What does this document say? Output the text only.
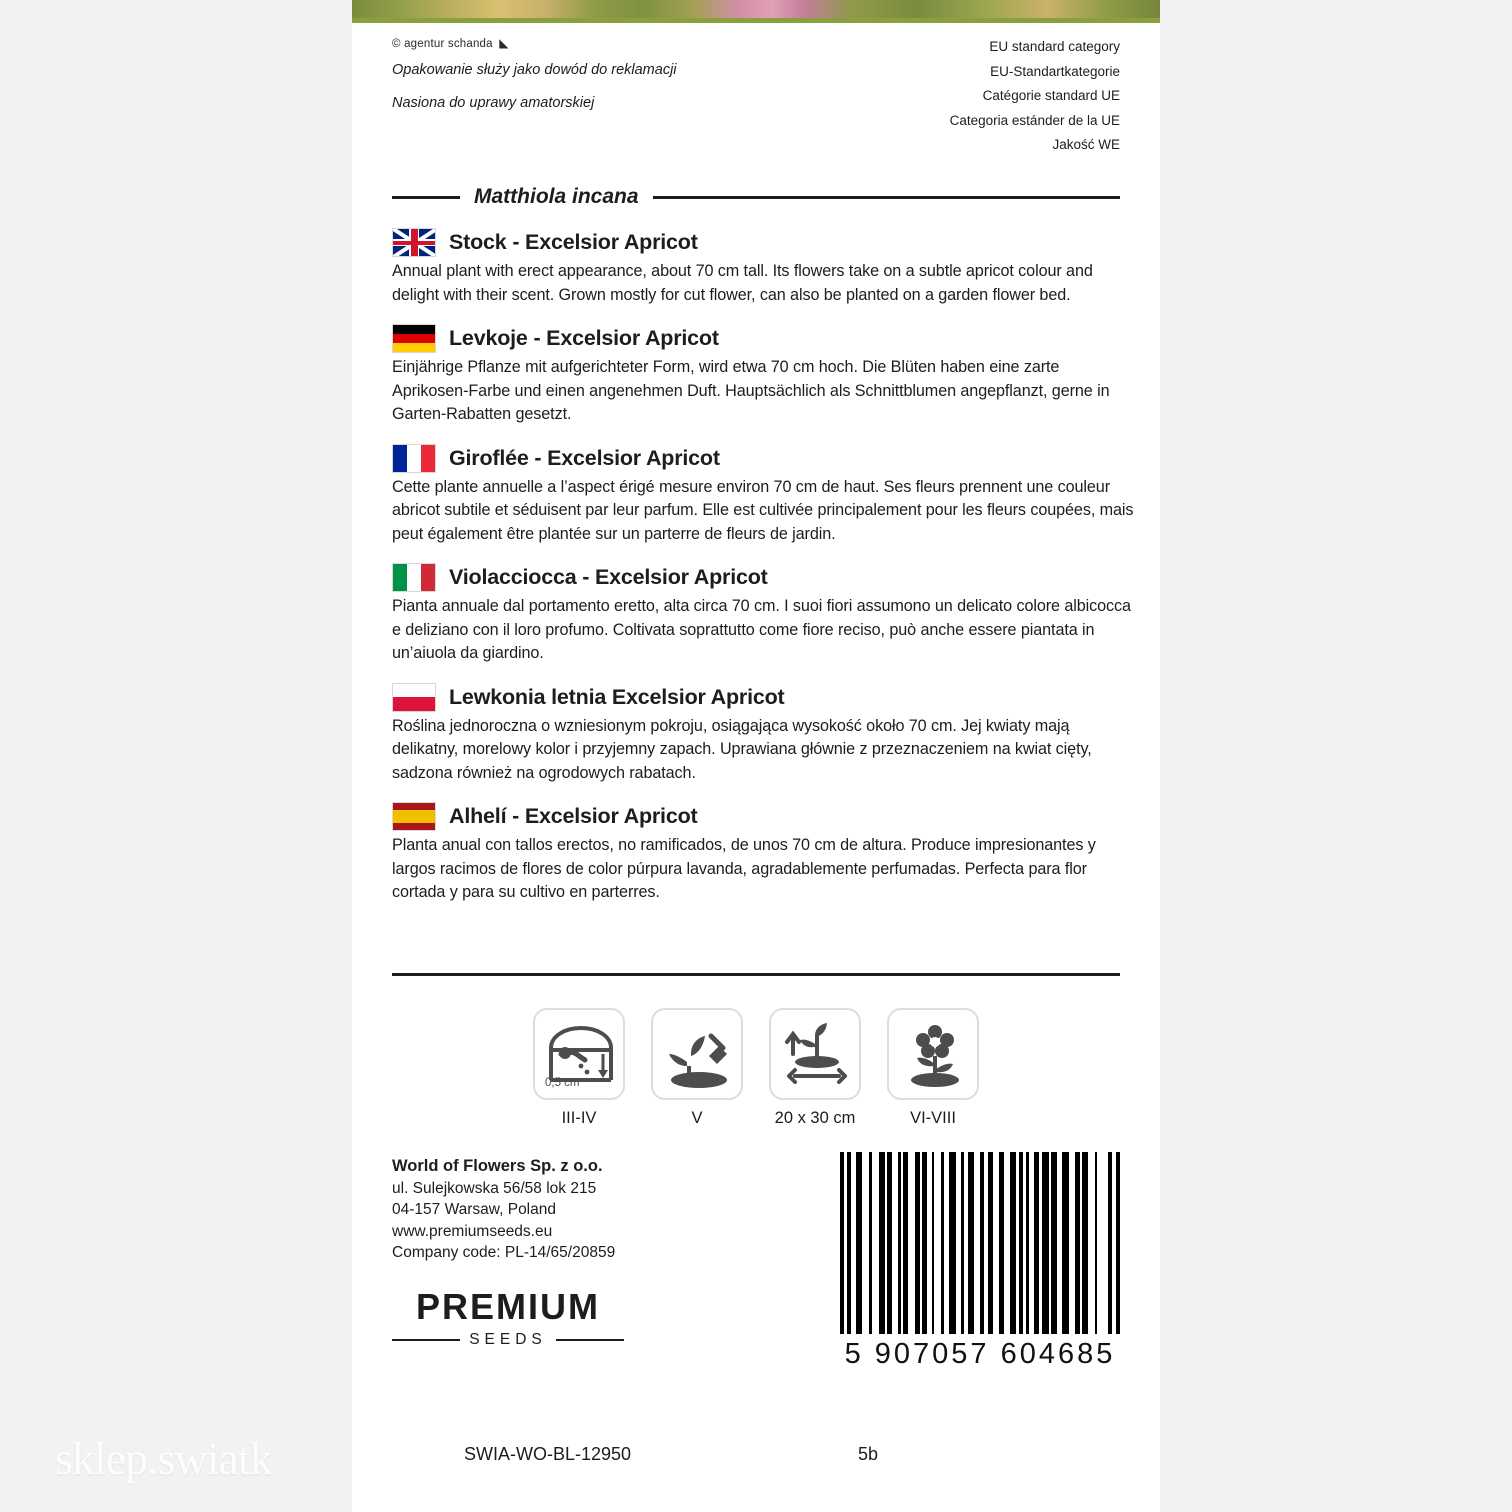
© agentur schanda ◢
Opakowanie służy jako dowód do reklamacji
Nasiona do uprawy amatorskiej
EU standard category
EU-Standartkategorie
Catégorie standard UE
Categoria estánder de la UE
Jakość WE
Matthiola incana
Stock - Excelsior Apricot
Annual plant with erect appearance, about 70 cm tall. Its flowers take on a subtle apricot colour and delight with their scent. Grown mostly for cut flower, can also be planted on a garden flower bed.
Levkoje - Excelsior Apricot
Einjährige Pflanze mit aufgerichteter Form, wird etwa 70 cm hoch. Die Blüten haben eine zarte Aprikosen-Farbe und einen angenehmen Duft. Hauptsächlich als Schnittblumen angepflanzt, gerne in Garten-Rabatten gesetzt.
Giroflée - Excelsior Apricot
Cette plante annuelle a l’aspect érigé mesure environ 70 cm de haut. Ses fleurs prennent une couleur abricot subtile et séduisent par leur parfum. Elle est cultivée principalement pour les fleurs coupées, mais peut également être plantée sur un parterre de fleurs de jardin.
Violacciocca - Excelsior Apricot
Pianta annuale dal portamento eretto, alta circa 70 cm. I suoi fiori assumono un delicato colore albicocca e deliziano con il loro profumo. Coltivata soprattutto come fiore reciso, può anche essere piantata in un’aiuola da giardino.
Lewkonia letnia Excelsior Apricot
Roślina jednoroczna o wzniesionym pokroju, osiągająca wysokość około 70 cm. Jej kwiaty mają delikatny, morelowy kolor i przyjemny zapach. Uprawiana głównie z przeznaczeniem na kwiat cięty, sadzona również na ogrodowych rabatach.
Alhelí - Excelsior Apricot
Planta anual con tallos erectos, no ramificados, de unos 70 cm de altura. Produce impresionantes y largos racimos de flores de color púrpura lavanda, agradablemente perfumadas. Perfecta para flor cortada y para su cultivo en parterres.
0,5 cm
III-IV	V	20 x 30 cm	VI-VIII
World of Flowers Sp. z o.o.
ul. Sulejkowska 56/58 lok 215
04-157 Warsaw, Poland
www.premiumseeds.eu
Company code: PL-14/65/20859
PREMIUM
SEEDS	5 907057 604685
SWIA-WO-BL-12950	5b
sklep.swiatk
